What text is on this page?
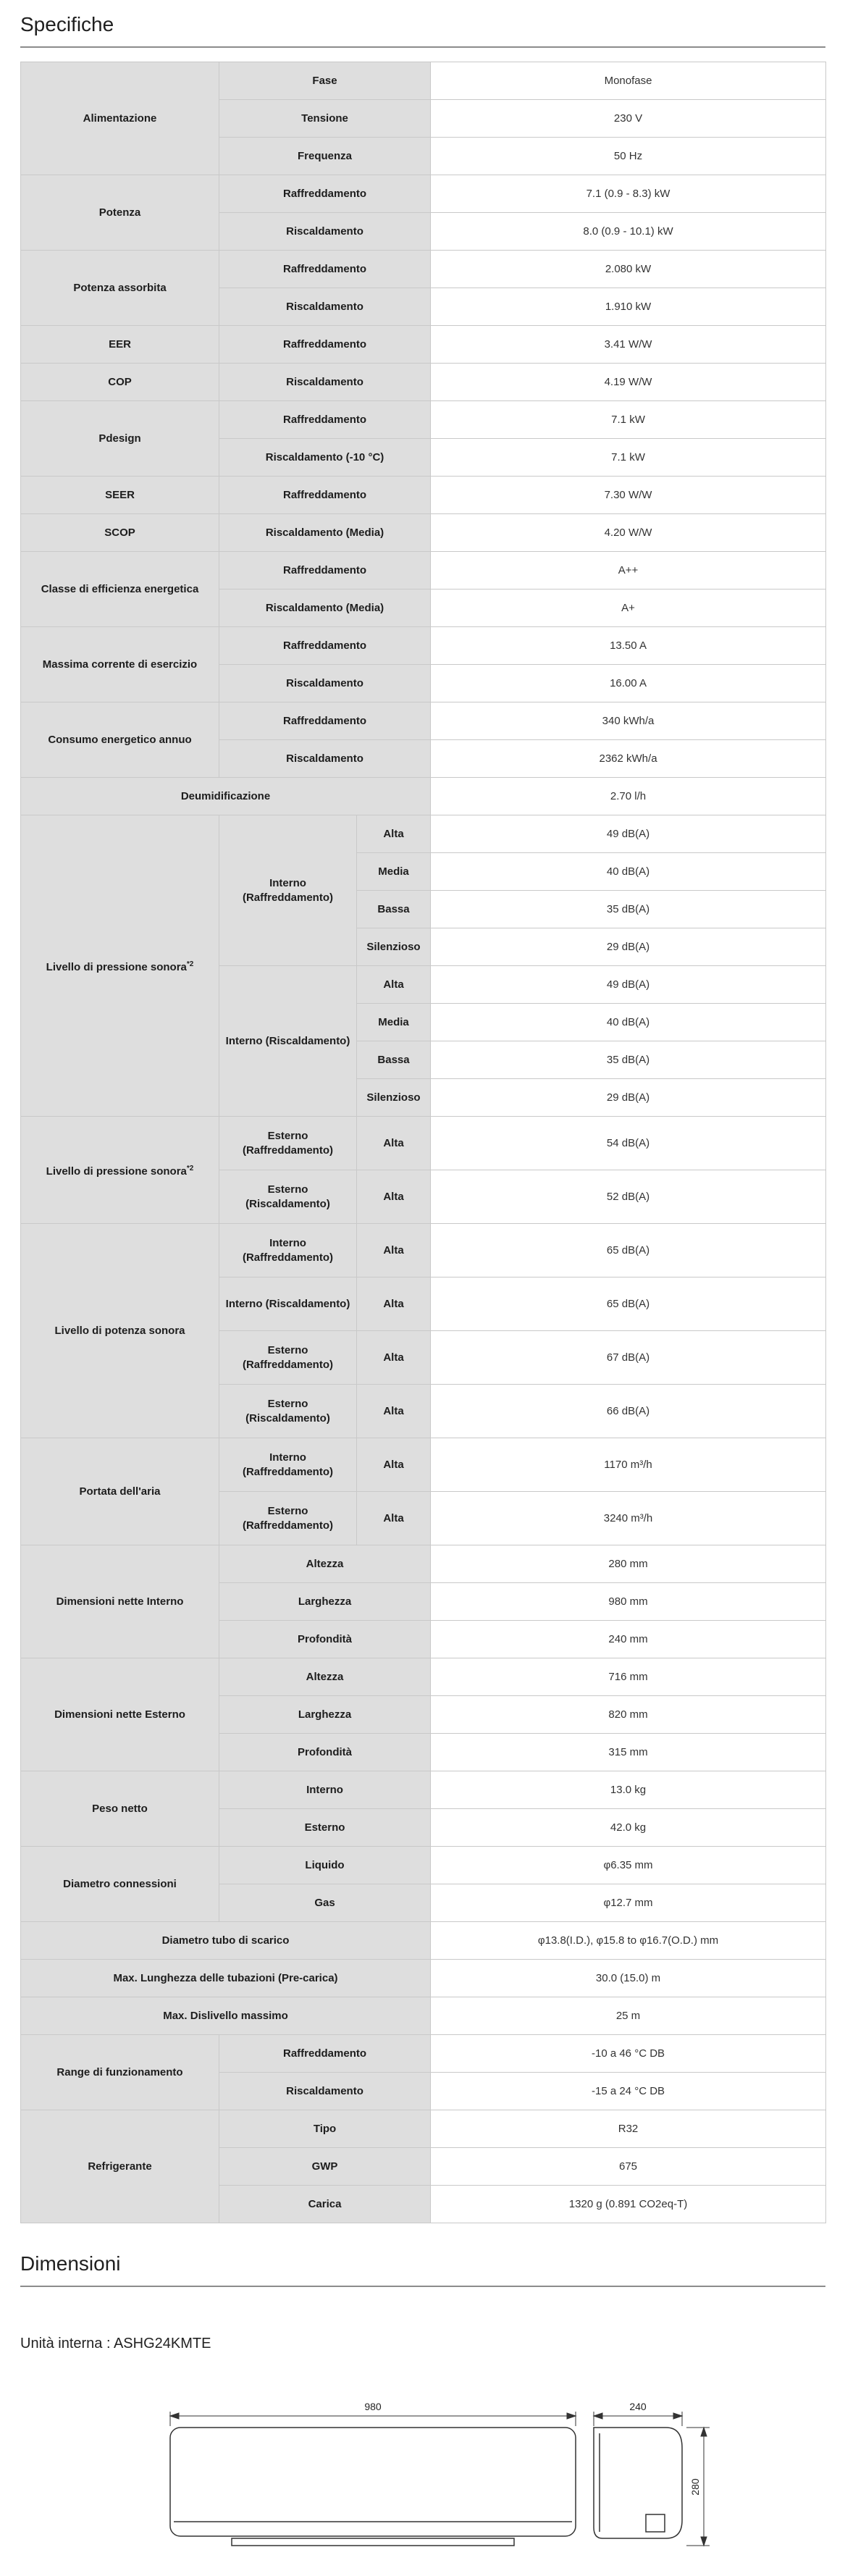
Specifiche
Alimentazione	Fase		Monofase
	Tensione		230 V
	Frequenza		50 Hz
Potenza	Raffreddamento		7.1 (0.9 - 8.3) kW
	Riscaldamento		8.0 (0.9 - 10.1) kW
Potenza assorbita	Raffreddamento		2.080 kW
	Riscaldamento		1.910 kW
EER	Raffreddamento		3.41 W/W
COP	Riscaldamento		4.19 W/W
Pdesign	Raffreddamento		7.1 kW
	Riscaldamento (-10 °C)		7.1 kW
SEER	Raffreddamento		7.30 W/W
SCOP	Riscaldamento (Media)		4.20 W/W
Classe di efficienza energetica	Raffreddamento		A++
	Riscaldamento (Media)		A+
Massima corrente di esercizio	Raffreddamento		13.50 A
	Riscaldamento		16.00 A
Consumo energetico annuo	Raffreddamento		340 kWh/a
	Riscaldamento		2362 kWh/a
Deumidificazione			2.70 l/h
Livello di pressione sonora$^{*2}$	Interno (Raffreddamento)	Alta	49 dB(A)
		Media	40 dB(A)
		Bassa	35 dB(A)
		Silenzioso	29 dB(A)
	Interno (Riscaldamento)	Alta	49 dB(A)
		Media	40 dB(A)
		Bassa	35 dB(A)
		Silenzioso	29 dB(A)
Livello di pressione sonora$^{*2}$	Esterno (Raffreddamento)	Alta	54 dB(A)
	Esterno (Riscaldamento)	Alta	52 dB(A)
Livello di potenza sonora	Interno (Raffreddamento)	Alta	65 dB(A)
	Interno (Riscaldamento)	Alta	65 dB(A)
	Esterno (Raffreddamento)	Alta	67 dB(A)
	Esterno (Riscaldamento)	Alta	66 dB(A)
Portata dell'aria	Interno (Raffreddamento)	Alta	1170 m³/h
	Esterno (Raffreddamento)	Alta	3240 m³/h
Dimensioni nette Interno	Altezza		280 mm
	Larghezza		980 mm
	Profondità		240 mm
Dimensioni nette Esterno	Altezza		716 mm
	Larghezza		820 mm
	Profondità		315 mm
Peso netto	Interno		13.0 kg
	Esterno		42.0 kg
Diametro connessioni	Liquido		φ6.35 mm
	Gas		φ12.7 mm
Diametro tubo di scarico			φ13.8(I.D.), φ15.8 to φ16.7(O.D.) mm
Max. Lunghezza delle tubazioni (Pre-carica)			30.0 (15.0) m
Max. Dislivello massimo			25 m
Range di funzionamento	Raffreddamento		-10 a 46 °C DB
	Riscaldamento		-15 a 24 °C DB
Refrigerante	Tipo		R32
	GWP		675
	Carica		1320 g (0.891 CO2eq-T)
Dimensioni
Unità interna : ASHG24KMTE
980	240
280
